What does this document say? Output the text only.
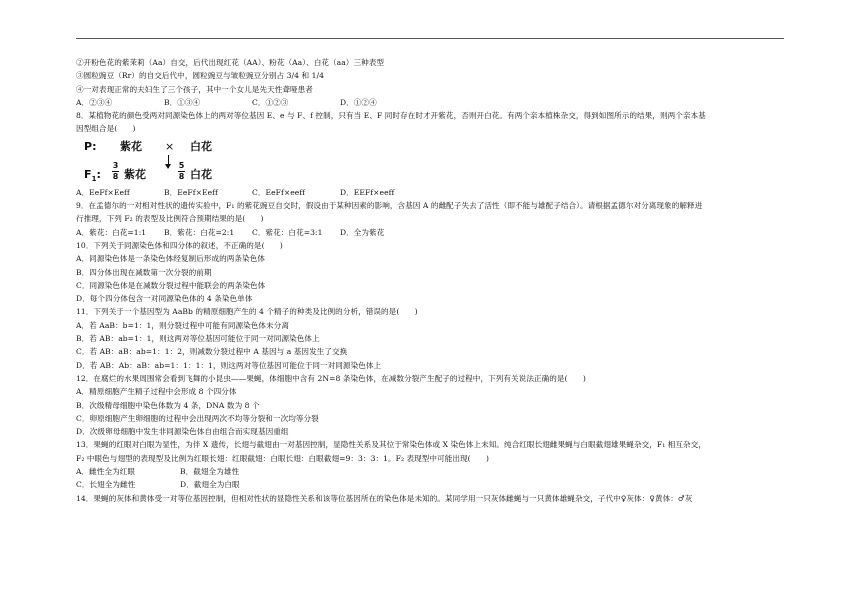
②开粉色花的紫茉莉（Aa）自交，后代出现红花（AA）、粉花（Aa）、白花（aa）三种表型
③圆粒豌豆（Rr）的自交后代中，圆粒豌豆与皱粒豌豆分别占 3/4 和 1/4
④一对表现正常的夫妇生了三个孩子，其中一个女儿是先天性聋哑患者
A．②③④	B．①③④	C．①②③	D．①②④
8．某植物花的颜色受两对同源染色体上的两对等位基因 E、e 与 F、f 控制，只有当 E、F 同时存在时才开紫花，否则开白花。有两个亲本植株杂交，得到如图所示的结果，则两个亲本基
因型组合是(　　)
P: 紫花 × 白花
$F_1$:
3
8 紫花
5
8 白花
A．EeFf×Eeff	B．EeFf×Eeff	C．EeFf×eeff	D．EEFf×eeff
9．在孟德尔的一对相对性状的遗传实验中，F₁ 的紫花豌豆自交时，假设由于某种因素的影响，含基因 A 的雌配子失去了活性（即不能与雄配子结合）。请根据孟德尔对分离现象的解释进
行推理，下列 F₂ 的表型及比例符合预期结果的是(　　)
A．紫花：白花=1:1	B．紫花：白花=2:1	C．紫花：白花=3:1	D．全为紫花
10．下列关于同源染色体和四分体的叙述，不正确的是(　　)
A．同源染色体是一条染色体经复制后形成的两条染色体
B．四分体出现在减数第一次分裂的前期
C．同源染色体是在减数分裂过程中能联会的两条染色体
D．每个四分体包含一对同源染色体的 4 条染色单体
11．下列关于一个基因型为 AaBb 的精原细胞产生的 4 个精子的种类及比例的分析，错误的是(　　)
A．若 AaB：b=1：1，则分裂过程中可能有同源染色体未分离
B．若 AB：ab=1：1，则这两对等位基因可能位于同一对同源染色体上
C．若 AB：aB：ab=1：1：2，则减数分裂过程中 A 基因与 a 基因发生了交换
D．若 AB：Ab：aB：ab=1：1：1：1，则这两对等位基因可能位于同一对同源染色体上
12．在腐烂的水果周围常会看到飞舞的小昆虫——果蝇，体细胞中含有 2N=8 条染色体，在减数分裂产生配子的过程中，下列有关说法正确的是(　　)
A．精原细胞产生精子过程中会形成 8 个四分体
B．次级精母细胞中染色体数为 4 条，DNA 数为 8 个
C．卵原细胞产生卵细胞的过程中会出现两次不均等分裂和一次均等分裂
D．次级卵母细胞中发生非同源染色体自由组合而实现基因重组
13．果蝇的红眼对白眼为显性，为伴 X 遗传，长翅与截翅由一对基因控制，显隐性关系及其位于常染色体或 X 染色体上未知。纯合红眼长翅雌果蝇与白眼截翅雄果蝇杂交，F₁ 相互杂交，
F₂ 中眼色与翅型的表现型及比例为红眼长翅：红眼截翅：白眼长翅：白眼截翅=9：3：3：1。F₂ 表现型中可能出现(　　)
A．雌性全为红眼	B．截翅全为雄性
C．长翅全为雌性	D．截翅全为白眼
14．果蝇的灰体和黄体受一对等位基因控制，但相对性状的显隐性关系和该等位基因所在的染色体是未知的。某同学用一只灰体雌蝇与一只黄体雄蝇杂交，子代中♀灰体：♀黄体：♂灰
